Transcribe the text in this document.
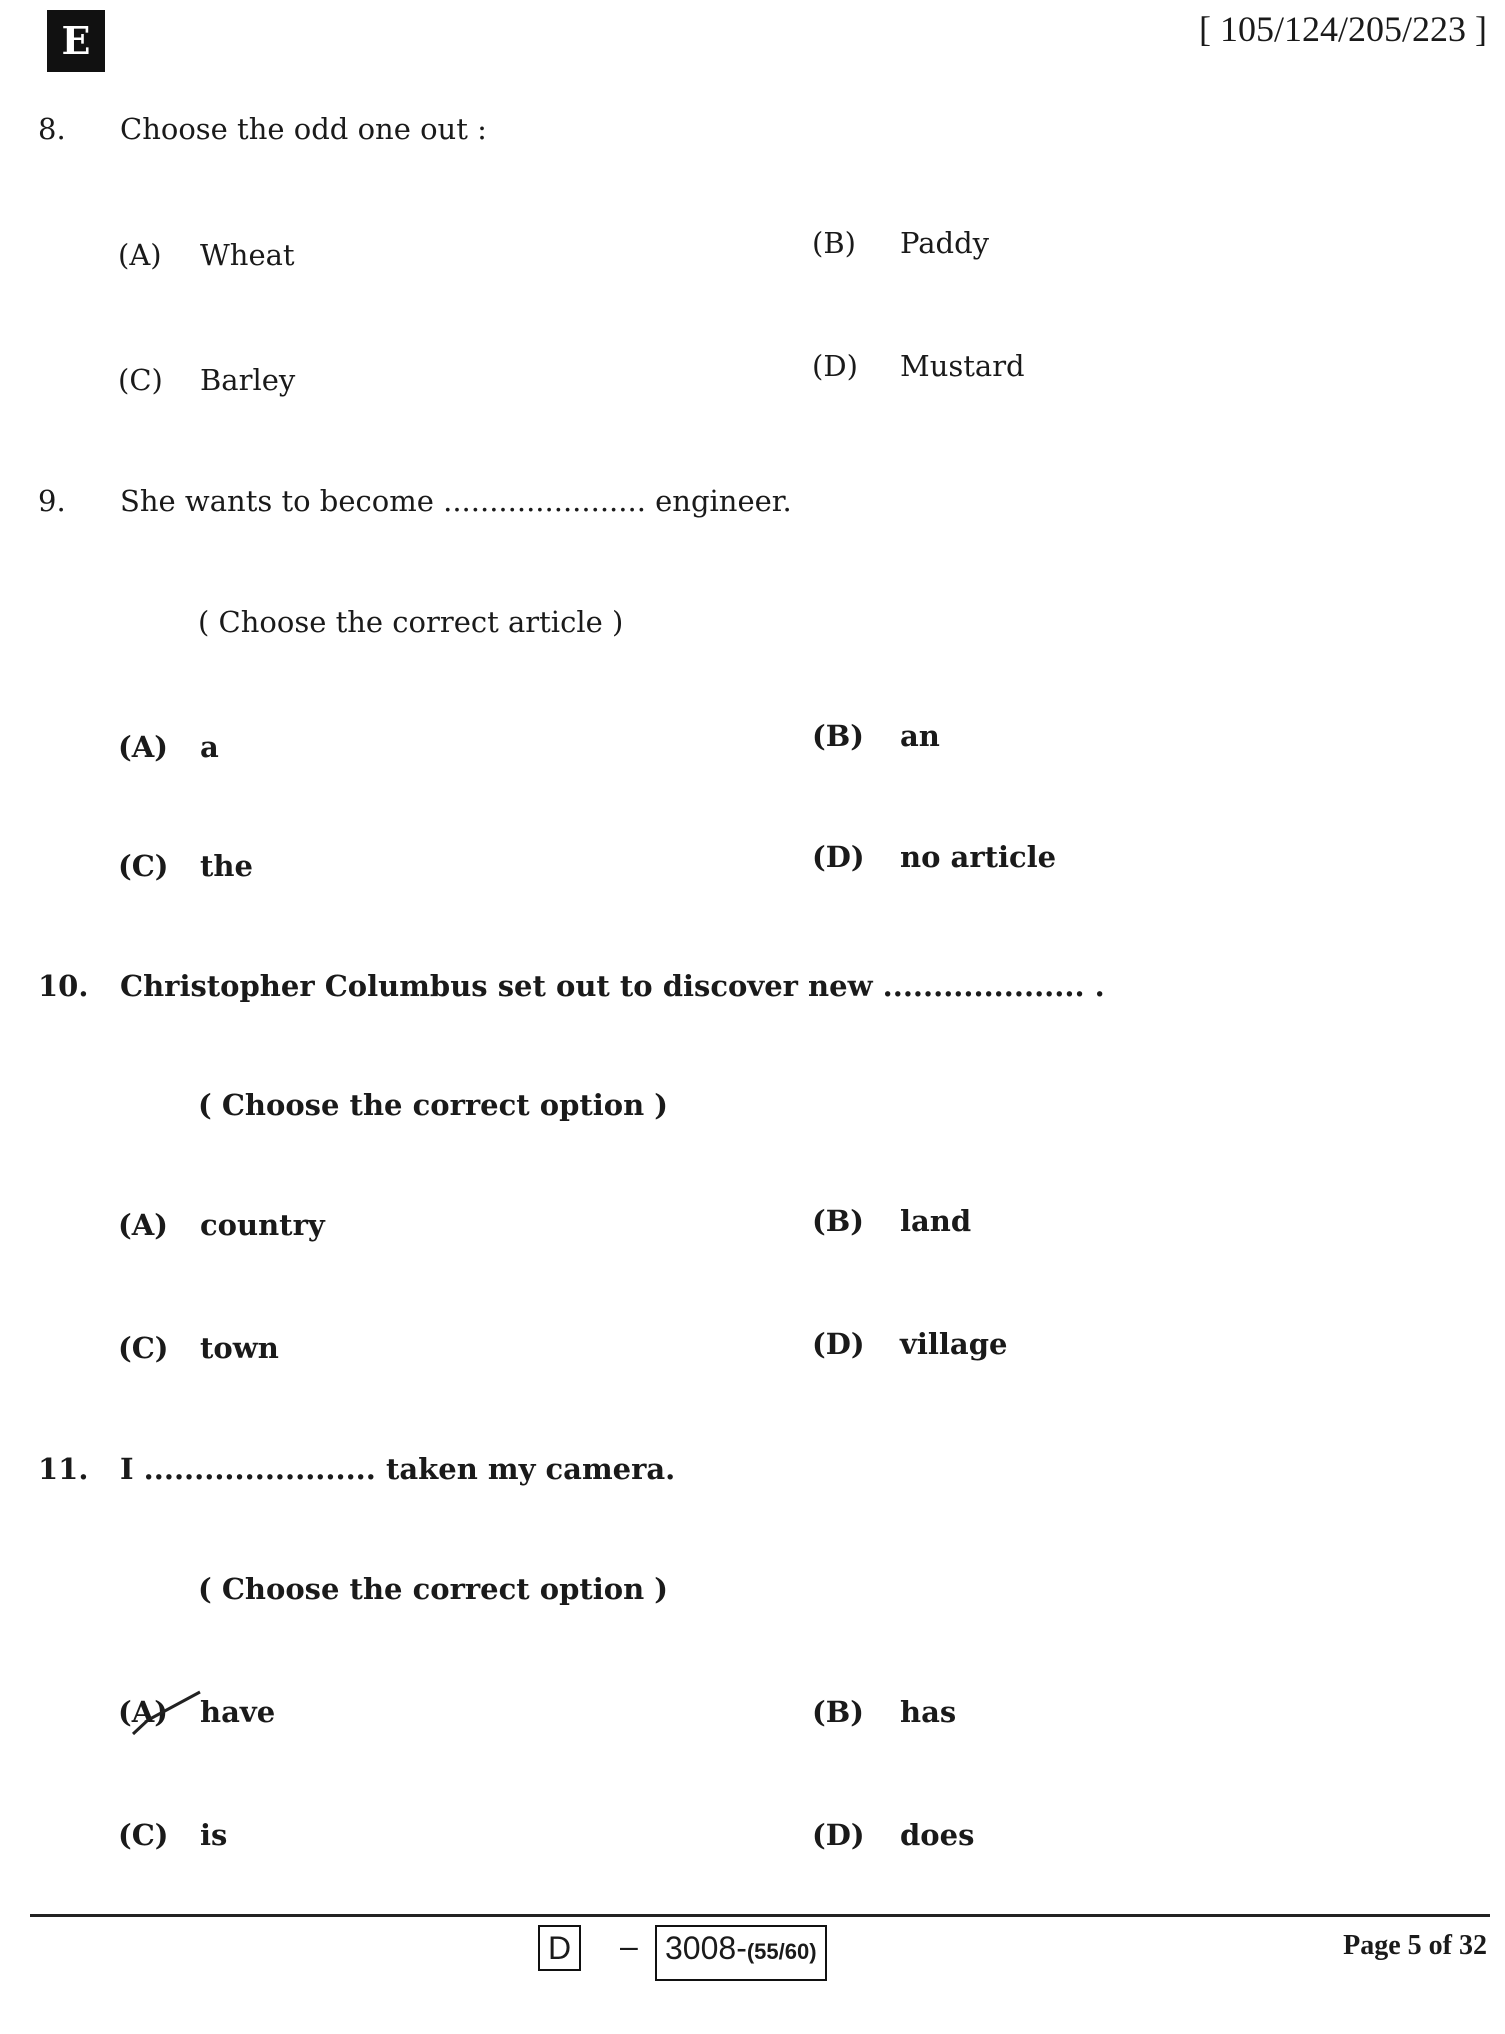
E	[ 105/124/205/223 ]
8. Choose the odd one out :
(A) Wheat	(B) Paddy
(C) Barley	(D) Mustard
9. She wants to become ...................... engineer.
( Choose the correct article )
(A) a	(B) an
(C) the	(D) no article
10. Christopher Columbus set out to discover new .................... .
( Choose the correct option )
(A) country	(B) land
(C) town	(D) village
11. I ....................... taken my camera.
( Choose the correct option )
(A) have	(B) has
(C) is	(D) does
D	– 3008-(55/60)	Page 5 of 32
